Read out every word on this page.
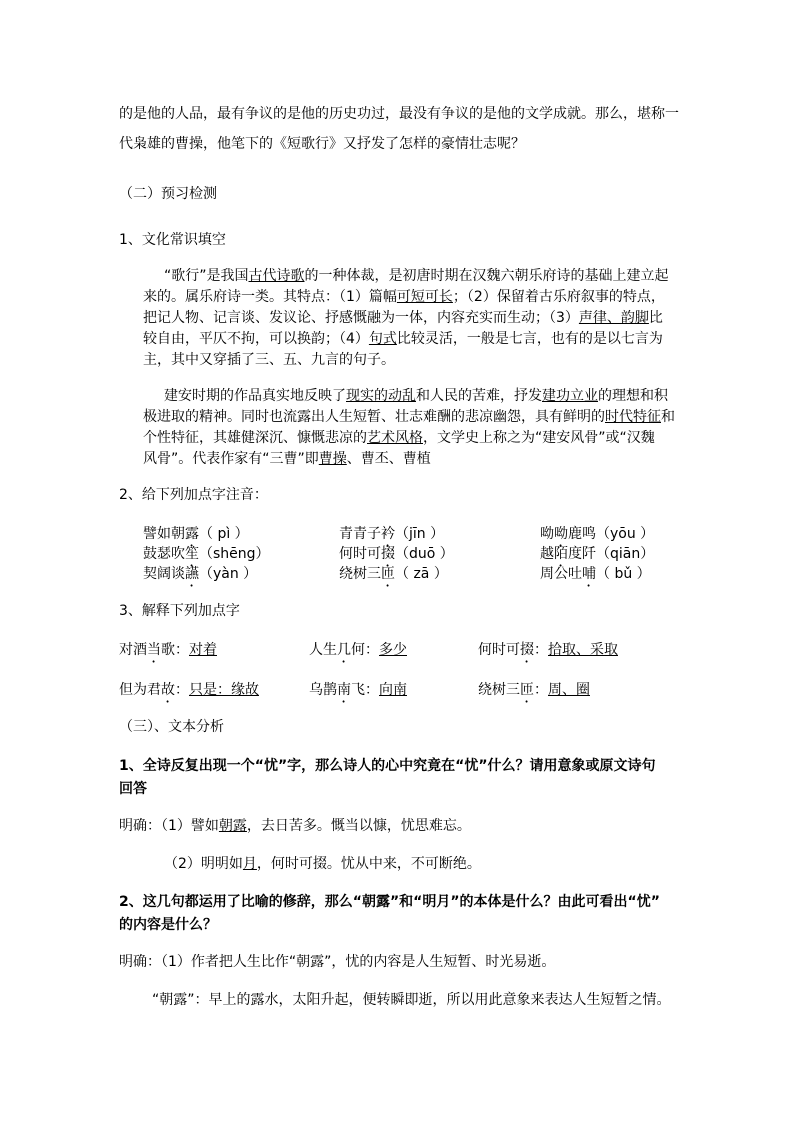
的是他的人品，最有争议的是他的历史功过，最没有争议的是他的文学成就。那么，堪称一
代枭雄的曹操，他笔下的《短歌行》又抒发了怎样的豪情壮志呢？
（二）预习检测
1、文化常识填空
“歌行”是我国古代诗歌的一种体裁，是初唐时期在汉魏六朝乐府诗的基础上建立起
来的。属乐府诗一类。其特点：（1）篇幅可短可长；（2）保留着古乐府叙事的特点，
把记人物、记言谈、发议论、抒感慨融为一体，内容充实而生动；（3）声律、韵脚比
较自由，平仄不拘，可以换韵；（4）句式比较灵活，一般是七言，也有的是以七言为
主，其中又穿插了三、五、九言的句子。
建安时期的作品真实地反映了现实的动乱和人民的苦难，抒发建功立业的理想和积
极进取的精神。同时也流露出人生短暂、壮志难酬的悲凉幽怨，具有鲜明的时代特征和
个性特征，其雄健深沉、慷慨悲凉的艺术风格，文学史上称之为“建安风骨”或“汉魏
风骨”。代表作家有“三曹”即曹操、曹丕、曹植
2、给下列加点字注音：
譬如朝露（ pì ）	青青子衿（jīn ）	呦呦鹿鸣（yōu ）
鼓瑟吹笙（shēng）	何时可掇（duō ）	越陌度阡（qiān）
契阔谈讌（yàn ）	绕树三匝（ zā ）	周公吐哺（ bǔ ）
3、解释下列加点字
对酒当歌：对着	人生几何：多少	何时可掇：拾取、采取
但为君故：只是：缘故	乌鹊南飞：向南	绕树三匝：周、圈
（三）、文本分析
1、全诗反复出现一个“忧”字，那么诗人的心中究竟在“忧”什么？请用意象或原文诗句
回答
明确：（1）譬如朝露，去日苦多。慨当以慷，忧思难忘。
（2）明明如月，何时可掇。忧从中来，不可断绝。
2、这几句都运用了比喻的修辞，那么“朝露”和“明月”的本体是什么？由此可看出“忧”
的内容是什么？
明确：（1）作者把人生比作“朝露”，忧的内容是人生短暂、时光易逝。
“朝露”：早上的露水，太阳升起，便转瞬即逝，所以用此意象来表达人生短暂之情。
